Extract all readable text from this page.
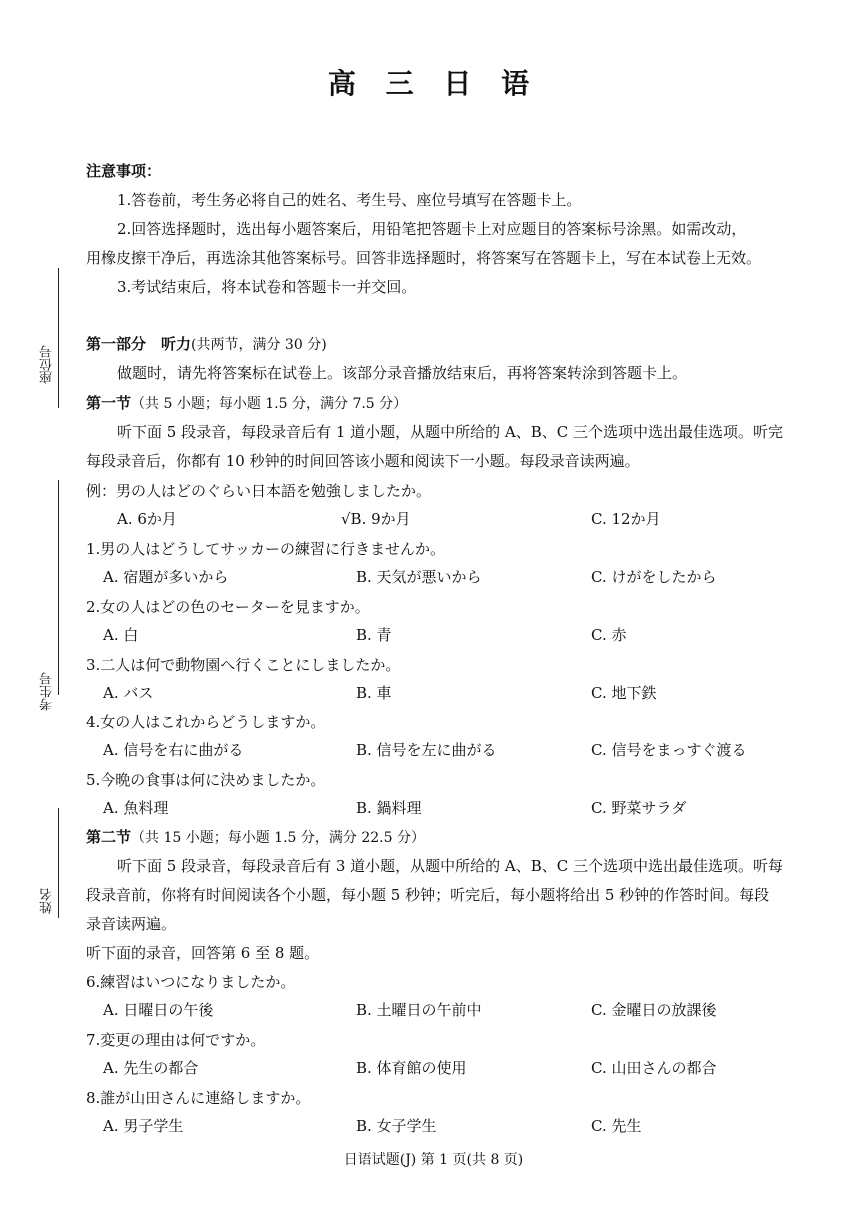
高 三 日 语
座位号
考生号
姓名
注意事项：
1.答卷前，考生务必将自己的姓名、考生号、座位号填写在答题卡上。
2.回答选择题时，选出每小题答案后，用铅笔把答题卡上对应题目的答案标号涂黑。如需改动，
用橡皮擦干净后，再选涂其他答案标号。回答非选择题时，将答案写在答题卡上，写在本试卷上无效。
3.考试结束后，将本试卷和答题卡一并交回。
第一部分　听力(共两节，满分 30 分)
做题时，请先将答案标在试卷上。该部分录音播放结束后，再将答案转涂到答题卡上。
第一节（共 5 小题；每小题 1.5 分，满分 7.5 分）
听下面 5 段录音，每段录音后有 1 道小题，从题中所给的 A、B、C 三个选项中选出最佳选项。听完
每段录音后，你都有 10 秒钟的时间回答该小题和阅读下一小题。每段录音读两遍。
例：男の人はどのぐらい日本語を勉強しましたか。
A. 6か月	√B. 9か月	C. 12か月
1.男の人はどうしてサッカーの練習に行きませんか。
A. 宿題が多いから	B. 天気が悪いから	C. けがをしたから
2.女の人はどの色のセーターを見ますか。
A. 白	B. 青	C. 赤
3.二人は何で動物園へ行くことにしましたか。
A. バス	B. 車	C. 地下鉄
4.女の人はこれからどうしますか。
A. 信号を右に曲がる	B. 信号を左に曲がる	C. 信号をまっすぐ渡る
5.今晩の食事は何に決めましたか。
A. 魚料理	B. 鍋料理	C. 野菜サラダ
第二节（共 15 小题；每小题 1.5 分，满分 22.5 分）
听下面 5 段录音，每段录音后有 3 道小题，从题中所给的 A、B、C 三个选项中选出最佳选项。听每
段录音前，你将有时间阅读各个小题，每小题 5 秒钟；听完后，每小题将给出 5 秒钟的作答时间。每段
录音读两遍。
听下面的录音，回答第 6 至 8 题。
6.練習はいつになりましたか。
A. 日曜日の午後	B. 土曜日の午前中	C. 金曜日の放課後
7.変更の理由は何ですか。
A. 先生の都合	B. 体育館の使用	C. 山田さんの都合
8.誰が山田さんに連絡しますか。
A. 男子学生	B. 女子学生	C. 先生
日语试题(J) 第 1 页(共 8 页)
